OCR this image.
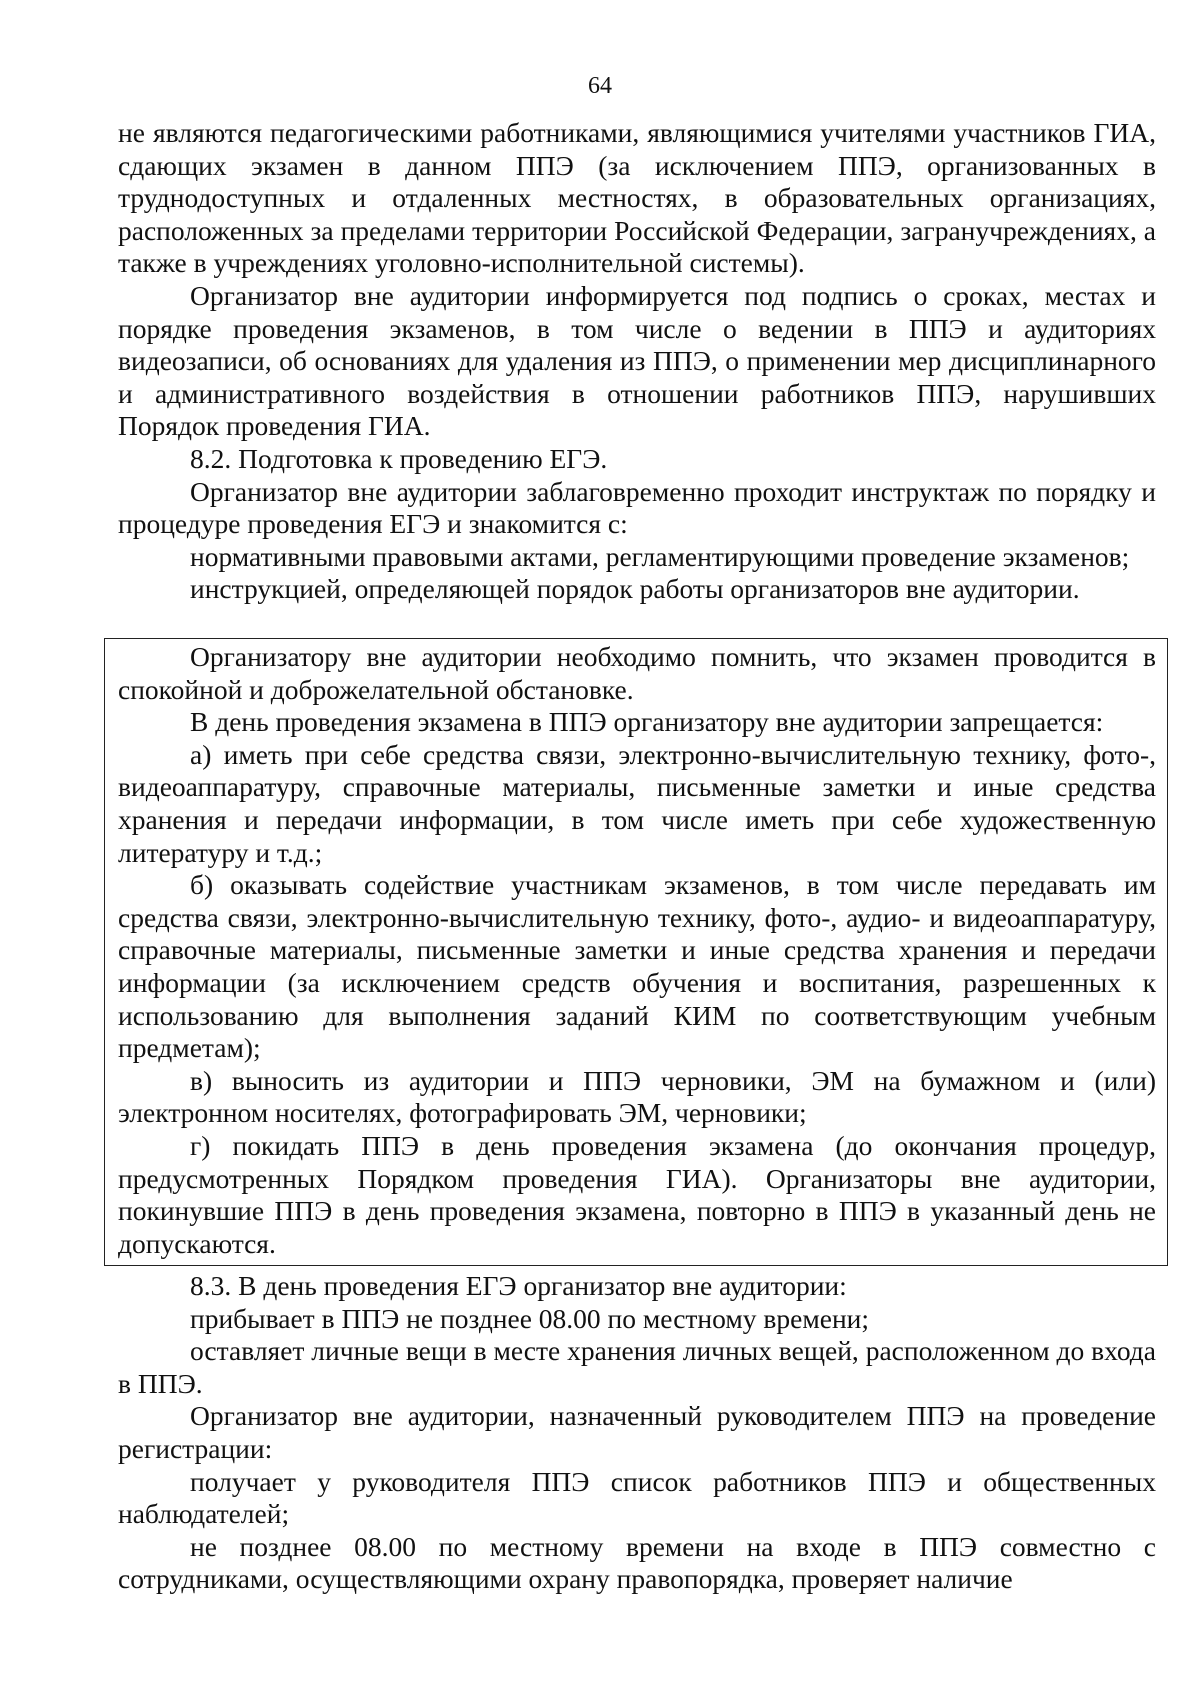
64

не являются педагогическими работниками, являющимися учителями участников ГИА, сдающих экзамен в данном ППЭ (за исключением ППЭ, организованных в труднодоступных и отдаленных местностях, в образовательных организациях, расположенных за пределами территории Российской Федерации, загранучреждениях, а также в учреждениях уголовно-исполнительной системы).

Организатор вне аудитории информируется под подпись о сроках, местах и порядке проведения экзаменов, в том числе о ведении в ППЭ и аудиториях видеозаписи, об основаниях для удаления из ППЭ, о применении мер дисциплинарного и административного воздействия в отношении работников ППЭ, нарушивших Порядок проведения ГИА.

8.2. Подготовка к проведению ЕГЭ.

Организатор вне аудитории заблаговременно проходит инструктаж по порядку и процедуре проведения ЕГЭ и знакомится с:

нормативными правовыми актами, регламентирующими проведение экзаменов;

инструкцией, определяющей порядок работы организаторов вне аудитории.

Организатору вне аудитории необходимо помнить, что экзамен проводится в спокойной и доброжелательной обстановке.

В день проведения экзамена в ППЭ организатору вне аудитории запрещается:

а) иметь при себе средства связи, электронно-вычислительную технику, фото-, видеоаппаратуру, справочные материалы, письменные заметки и иные средства хранения и передачи информации, в том числе иметь при себе художественную литературу и т.д.;

б) оказывать содействие участникам экзаменов, в том числе передавать им средства связи, электронно-вычислительную технику, фото-, аудио- и видеоаппаратуру, справочные материалы, письменные заметки и иные средства хранения и передачи информации (за исключением средств обучения и воспитания, разрешенных к использованию для выполнения заданий КИМ по соответствующим учебным предметам);

в) выносить из аудитории и ППЭ черновики, ЭМ на бумажном и (или) электронном носителях, фотографировать ЭМ, черновики;

г) покидать ППЭ в день проведения экзамена (до окончания процедур, предусмотренных Порядком проведения ГИА). Организаторы вне аудитории, покинувшие ППЭ в день проведения экзамена, повторно в ППЭ в указанный день не допускаются.

8.3. В день проведения ЕГЭ организатор вне аудитории:

прибывает в ППЭ не позднее 08.00 по местному времени;

оставляет личные вещи в месте хранения личных вещей, расположенном до входа в ППЭ.

Организатор вне аудитории, назначенный руководителем ППЭ на проведение регистрации:

получает у руководителя ППЭ список работников ППЭ и общественных наблюдателей;

не позднее 08.00 по местному времени на входе в ППЭ совместно с сотрудниками, осуществляющими охрану правопорядка, проверяет наличие
